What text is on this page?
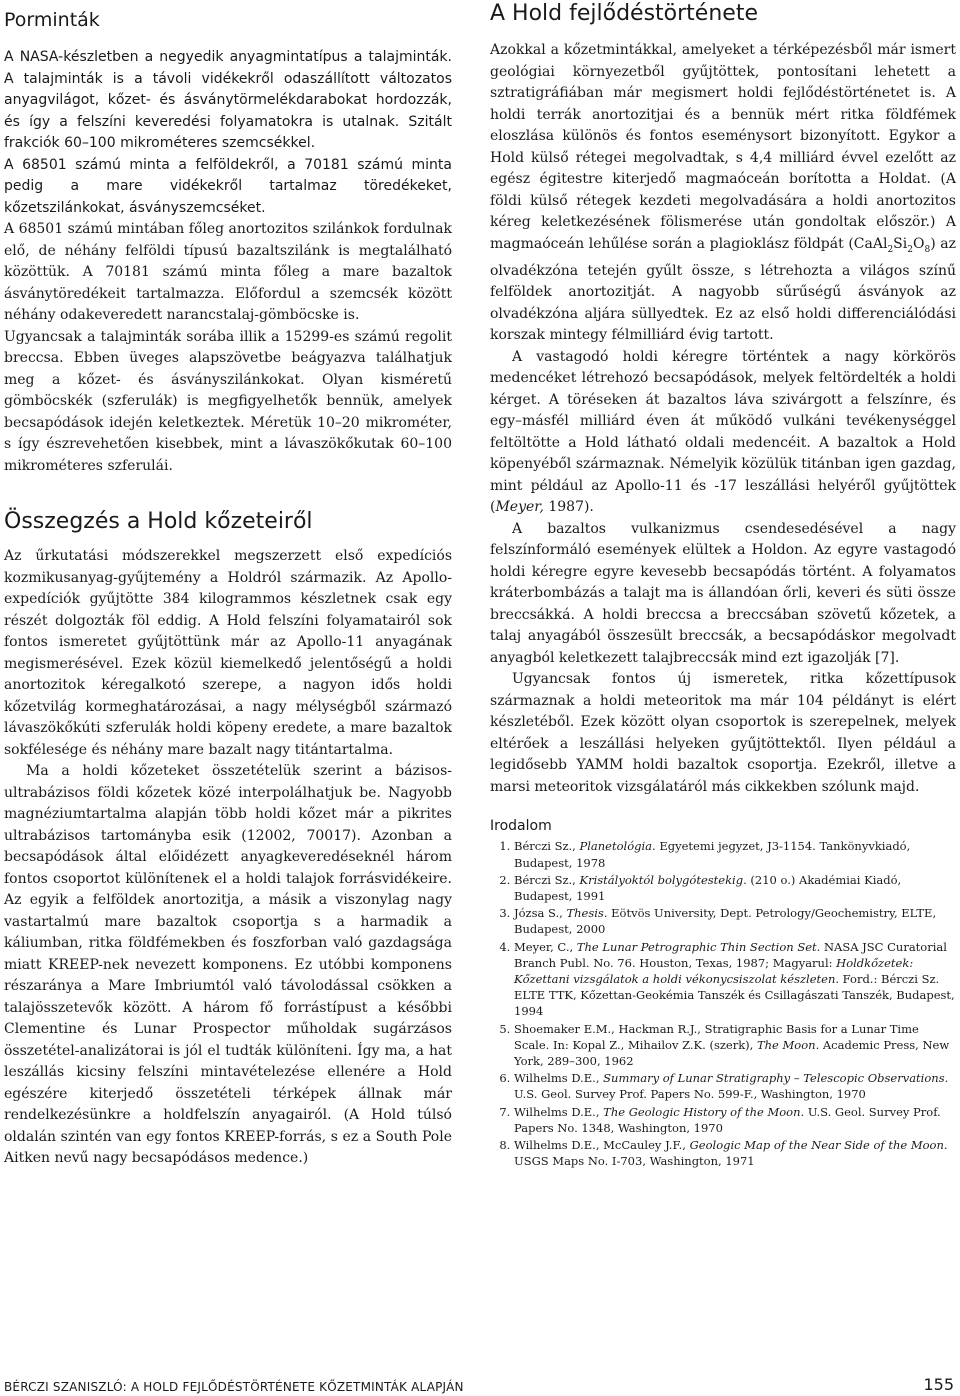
Porminták

A NASA-készletben a negyedik anyagmintatípus a talajminták. A talajminták is a távoli vidékekről odaszállított változatos anyagvilágot, kőzet- és ásványtörmelékdarabokat hordozzák, és így a felszíni keveredési folyamatokra is utalnak. Szitált frakciók 60–100 mikrométeres szemcsékkel.

A 68501 számú minta a felföldekről, a 70181 számú minta pedig a mare vidékekről tartalmaz töredékeket, kőzetszilánkokat, ásványszemcséket.

A 68501 számú mintában főleg anortozitos szilánkok fordulnak elő, de néhány felföldi típusú bazaltszilánk is megtalálható közöttük. A 70181 számú minta főleg a mare bazaltok ásványtöredékeit tartalmazza. Előfordul a szemcsék között néhány odakeveredett narancstalaj-gömböcske is.

Ugyancsak a talajminták sorába illik a 15299-es számú regolit breccsa. Ebben üveges alapszövetbe beágyazva találhatjuk meg a kőzet- és ásványszilánkokat. Olyan kisméretű gömböcskék (szferulák) is megfigyelhetők bennük, amelyek becsapódások idején keletkeztek. Méretük 10–20 mikrométer, s így észrevehetően kisebbek, mint a lávaszökőkutak 60–100 mikrométeres szferulái.

Összegzés a Hold kőzeteiről

Az űrkutatási módszerekkel megszerzett első expedíciós kozmikusanyag-gyűjtemény a Holdról származik. Az Apollo-expedíciók gyűjtötte 384 kilogrammos készletnek csak egy részét dolgozták föl eddig. A Hold felszíni folyamatairól sok fontos ismeretet gyűjtöttünk már az Apollo-11 anyagának megismerésével. Ezek közül kiemelkedő jelentőségű a holdi anortozitok kéregalkotó szerepe, a nagyon idős holdi kőzetvilág kormeghatározásai, a nagy mélységből származó lávaszökőkúti szferulák holdi köpeny eredete, a mare bazaltok sokfélesége és néhány mare bazalt nagy titántartalma.

Ma a holdi kőzeteket összetételük szerint a bázisos-ultrabázisos földi kőzetek közé interpolálhatjuk be. Nagyobb magnéziumtartalma alapján több holdi kőzet már a pikrites ultrabázisos tartományba esik (12002, 70017). Azonban a becsapódások által előidézett anyagkeveredéseknél három fontos csoportot különítenek el a holdi talajok forrásvidékeire. Az egyik a felföldek anortozitja, a másik a viszonylag nagy vastartalmú mare bazaltok csoportja s a harmadik a káliumban, ritka földfémekben és foszforban való gazdagsága miatt KREEP-nek nevezett komponens. Ez utóbbi komponens részaránya a Mare Imbriumtól való távolodással csökken a talajösszetevők között. A három fő forrástípust a későbbi Clementine és Lunar Prospector műholdak sugárzásos összetétel-analizátorai is jól el tudták különíteni. Így ma, a hat leszállás kicsiny felszíni mintavételezése ellenére a Hold egészére kiterjedő összetételi térképek állnak már rendelkezésünkre a holdfelszín anyagairól. (A Hold túlsó oldalán szintén van egy fontos KREEP-forrás, s ez a South Pole Aitken nevű nagy becsapódásos medence.)

A Hold fejlődéstörténete

Azokkal a kőzetmintákkal, amelyeket a térképezésből már ismert geológiai környezetből gyűjtöttek, pontosítani lehetett a sztratigráfiában már megismert holdi fejlődéstörténetet is. A holdi terrák anortozitjai és a bennük mért ritka földfémek eloszlása különös és fontos eseménysort bizonyított. Egykor a Hold külső rétegei megolvadtak, s 4,4 milliárd évvel ezelőtt az egész égitestre kiterjedő magmaóceán borította a Holdat. (A földi külső rétegek kezdeti megolvadására a holdi anortozitos kéreg keletkezésének fölismerése után gondoltak először.) A magmaóceán lehűlése során a plagioklász földpát $(CaAl_2Si_2O_8)$ az olvadékzóna tetején gyűlt össze, s létrehozta a világos színű felföldek anortozitját. A nagyobb sűrűségű ásványok az olvadékzóna aljára süllyedtek. Ez az első holdi differenciálódási korszak mintegy félmilliárd évig tartott.

A vastagodó holdi kéregre történtek a nagy körkörös medencéket létrehozó becsapódások, melyek feltördelték a holdi kérget. A töréseken át bazaltos láva szivárgott a felszínre, és egy–másfél milliárd éven át működő vulkáni tevékenységgel feltöltötte a Hold látható oldali medencéit. A bazaltok a Hold köpenyéből származnak. Némelyik közülük titánban igen gazdag, mint például az Apollo-11 és -17 leszállási helyéről gyűjtöttek (Meyer, 1987).

A bazaltos vulkanizmus csendesedésével a nagy felszínformáló események elültek a Holdon. Az egyre vastagodó holdi kéregre egyre kevesebb becsapódás történt. A folyamatos kráterbombázás a talajt ma is állandóan őrli, keveri és süti össze breccsákká. A holdi breccsa a breccsában szövetű kőzetek, a talaj anyagából összesült breccsák, a becsapódáskor megolvadt anyagból keletkezett talajbreccsák mind ezt igazolják [7].

Ugyancsak fontos új ismeretek, ritka kőzettípusok származnak a holdi meteoritok ma már 104 példányt is elért készletéből. Ezek között olyan csoportok is szerepelnek, melyek eltérőek a leszállási helyeken gyűjtöttektől. Ilyen például a legidősebb YAMM holdi bazaltok csoportja. Ezekről, illetve a marsi meteoritok vizsgálatáról más cikkekben szólunk majd.

Irodalom
1. Bérczi Sz., Planetológia. Egyetemi jegyzet, J3-1154. Tankönyvkiadó, Budapest, 1978
2. Bérczi Sz., Kristályoktól bolygótestekig. (210 o.) Akadémiai Kiadó, Budapest, 1991
3. Józsa S., Thesis. Eötvös University, Dept. Petrology/Geochemistry, ELTE, Budapest, 2000
4. Meyer, C., The Lunar Petrographic Thin Section Set. NASA JSC Curatorial Branch Publ. No. 76. Houston, Texas, 1987; Magyarul: Holdkőzetek: Kőzettani vizsgálatok a holdi vékonycsiszolat készleten. Ford.: Bérczi Sz. ELTE TTK, Kőzettan-Geokémia Tanszék és Csillagászati Tanszék, Budapest, 1994
5. Shoemaker E.M., Hackman R.J., Stratigraphic Basis for a Lunar Time Scale. In: Kopal Z., Mihailov Z.K. (szerk), The Moon. Academic Press, New York, 289–300, 1962
6. Wilhelms D.E., Summary of Lunar Stratigraphy – Telescopic Observations. U.S. Geol. Survey Prof. Papers No. 599-F., Washington, 1970
7. Wilhelms D.E., The Geologic History of the Moon. U.S. Geol. Survey Prof. Papers No. 1348, Washington, 1970
8. Wilhelms D.E., McCauley J.F., Geologic Map of the Near Side of the Moon. USGS Maps No. I-703, Washington, 1971
BÉRCZI SZANISZLÓ: A HOLD FEJLŐDÉSTÖRTÉNETE KŐZETMINTÁK ALAPJÁN	155
